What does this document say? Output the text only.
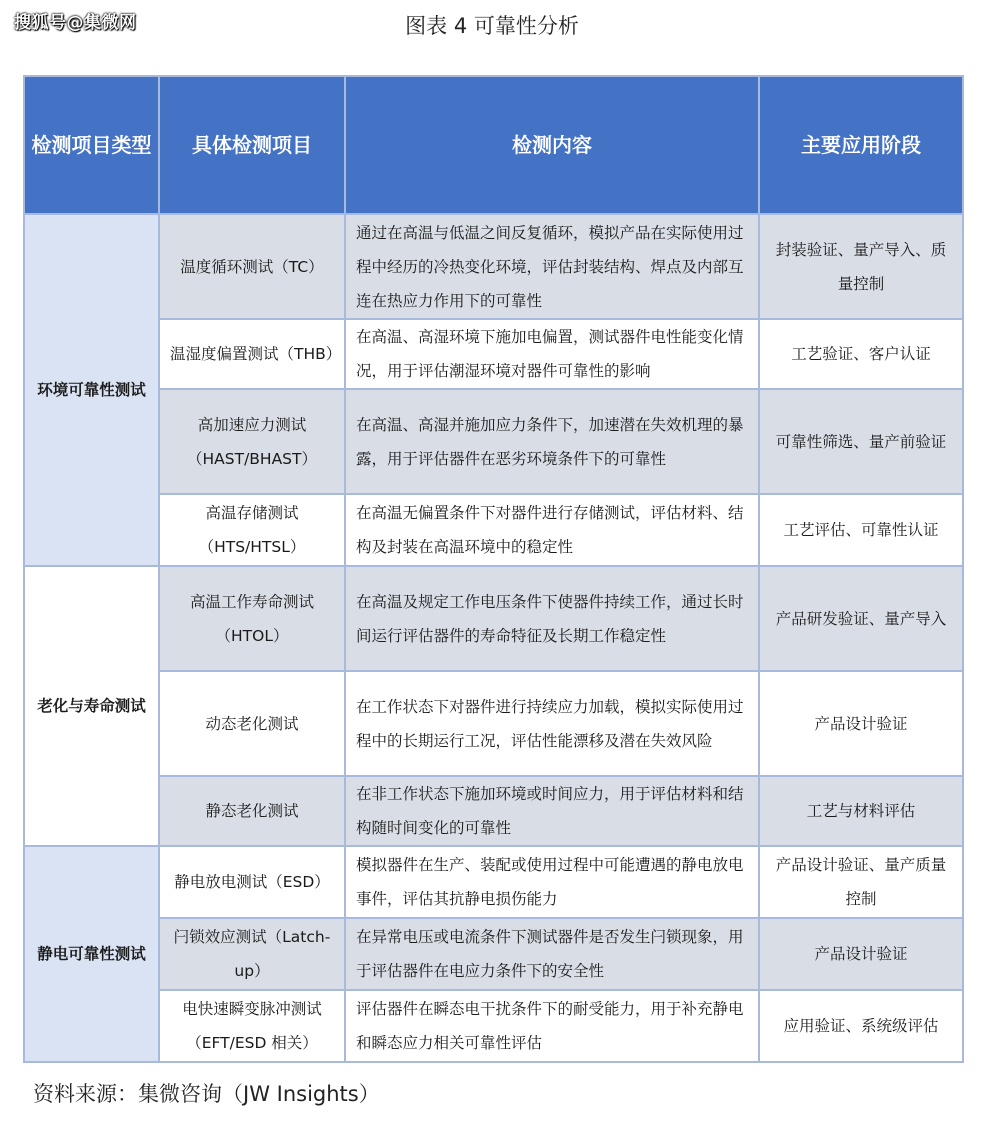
搜狐号@集微网	图表 4 可靠性分析
检测项目类型	具体检测项目	检测内容	主要应用阶段
环境可靠性测试	温度循环测试（TC）	通过在高温与低温之间反复循环，模拟产品在实际使用过程中经历的冷热变化环境，评估封装结构、焊点及内部互连在热应力作用下的可靠性	封装验证、量产导入、质量控制
	温湿度偏置测试（THB）	在高温、高湿环境下施加电偏置，测试器件电性能变化情况，用于评估潮湿环境对器件可靠性的影响	工艺验证、客户认证
	高加速应力测试（HAST/BHAST）	在高温、高湿并施加应力条件下，加速潜在失效机理的暴露，用于评估器件在恶劣环境条件下的可靠性	可靠性筛选、量产前验证
	高温存储测试（HTS/HTSL）	在高温无偏置条件下对器件进行存储测试，评估材料、结构及封装在高温环境中的稳定性	工艺评估、可靠性认证
老化与寿命测试	高温工作寿命测试（HTOL）	在高温及规定工作电压条件下使器件持续工作，通过长时间运行评估器件的寿命特征及长期工作稳定性	产品研发验证、量产导入
	动态老化测试	在工作状态下对器件进行持续应力加载，模拟实际使用过程中的长期运行工况，评估性能漂移及潜在失效风险	产品设计验证
	静态老化测试	在非工作状态下施加环境或时间应力，用于评估材料和结构随时间变化的可靠性	工艺与材料评估
静电可靠性测试	静电放电测试（ESD）	模拟器件在生产、装配或使用过程中可能遭遇的静电放电事件，评估其抗静电损伤能力	产品设计验证、量产质量控制
	闩锁效应测试（Latch-up）	在异常电压或电流条件下测试器件是否发生闩锁现象，用于评估器件在电应力条件下的安全性	产品设计验证
	电快速瞬变脉冲测试（EFT/ESD 相关）	评估器件在瞬态电干扰条件下的耐受能力，用于补充静电和瞬态应力相关可靠性评估	应用验证、系统级评估
资料来源：集微咨询（JW Insights）
